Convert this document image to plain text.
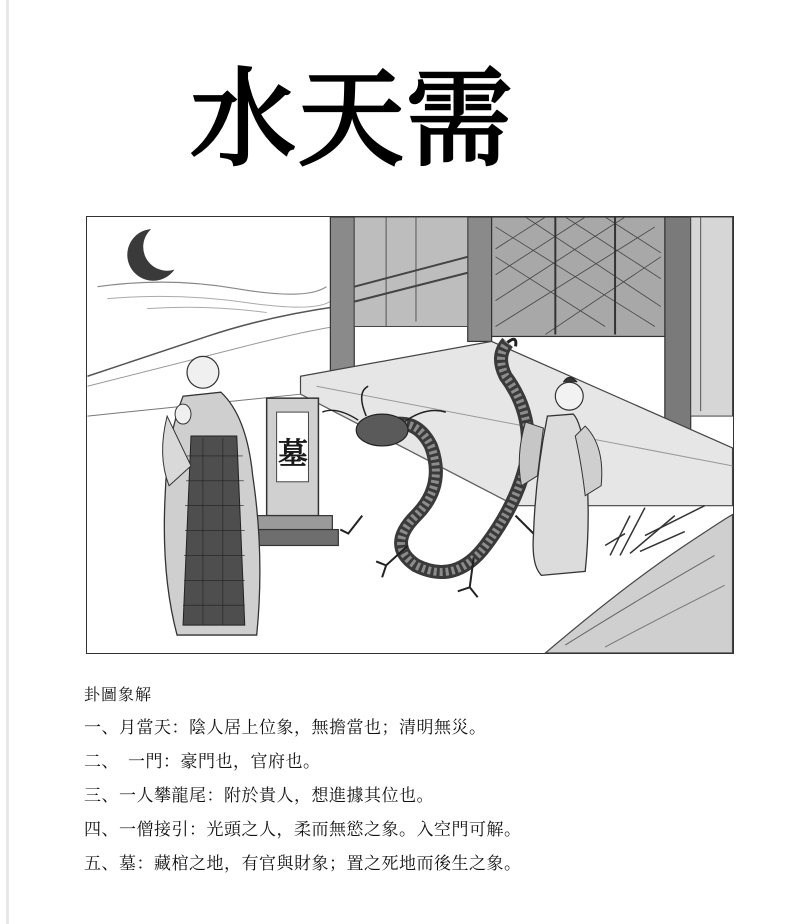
水天需
墓
卦圖象解
一、月當天：陰人居上位象，無擔當也；清明無災。
二、　一門：豪門也，官府也。
三、一人攀龍尾：附於貴人，想進據其位也。
四、一僧接引：光頭之人，柔而無慾之象。入空門可解。
五、墓：藏棺之地，有官與財象；置之死地而後生之象。
